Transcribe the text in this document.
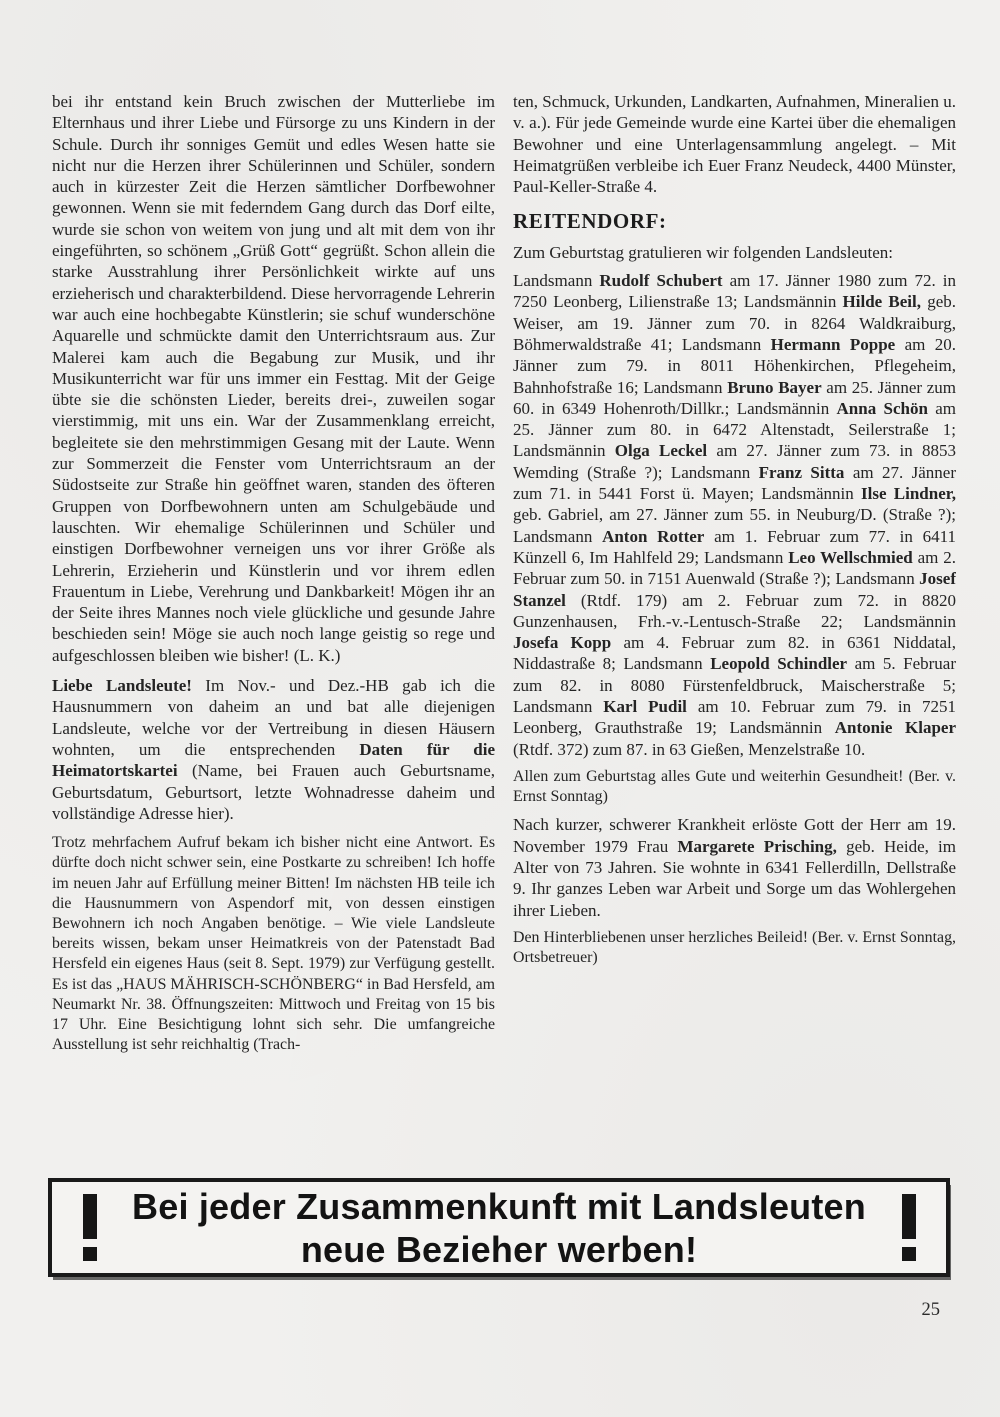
bei ihr entstand kein Bruch zwischen der Mutterliebe im Elternhaus und ihrer Liebe und Fürsorge zu uns Kindern in der Schule. Durch ihr sonniges Gemüt und edles Wesen hatte sie nicht nur die Herzen ihrer Schülerinnen und Schüler, sondern auch in kürzester Zeit die Herzen sämtlicher Dorfbewohner gewonnen. Wenn sie mit federndem Gang durch das Dorf eilte, wurde sie schon von weitem von jung und alt mit dem von ihr eingeführten, so schönem „Grüß Gott“ gegrüßt. Schon allein die starke Ausstrahlung ihrer Persönlichkeit wirkte auf uns erzieherisch und charakterbildend. Diese hervorragende Lehrerin war auch eine hochbegabte Künstlerin; sie schuf wunderschöne Aquarelle und schmückte damit den Unterrichtsraum aus. Zur Malerei kam auch die Begabung zur Musik, und ihr Musikunterricht war für uns immer ein Festtag. Mit der Geige übte sie die schönsten Lieder, bereits drei-, zuweilen sogar vierstimmig, mit uns ein. War der Zusammenklang erreicht, begleitete sie den mehrstimmigen Gesang mit der Laute. Wenn zur Sommerzeit die Fenster vom Unterrichtsraum an der Südostseite zur Straße hin geöffnet waren, standen des öfteren Gruppen von Dorfbewohnern unten am Schulgebäude und lauschten. Wir ehemalige Schülerinnen und Schüler und einstigen Dorfbewohner verneigen uns vor ihrer Größe als Lehrerin, Erzieherin und Künstlerin und vor ihrem edlen Frauentum in Liebe, Verehrung und Dankbarkeit! Mögen ihr an der Seite ihres Mannes noch viele glückliche und gesunde Jahre beschieden sein! Möge sie auch noch lange geistig so rege und aufgeschlossen bleiben wie bisher! (L. K.)

Liebe Landsleute! Im Nov.- und Dez.-HB gab ich die Hausnummern von daheim an und bat alle diejenigen Landsleute, welche vor der Vertreibung in diesen Häusern wohnten, um die entsprechenden Daten für die Heimatortskartei (Name, bei Frauen auch Geburtsname, Geburtsdatum, Geburtsort, letzte Wohnadresse daheim und vollständige Adresse hier).

Trotz mehrfachem Aufruf bekam ich bisher nicht eine Antwort. Es dürfte doch nicht schwer sein, eine Postkarte zu schreiben! Ich hoffe im neuen Jahr auf Erfüllung meiner Bitten! Im nächsten HB teile ich die Hausnummern von Aspendorf mit, von dessen einstigen Bewohnern ich noch Angaben benötige. – Wie viele Landsleute bereits wissen, bekam unser Heimatkreis von der Patenstadt Bad Hersfeld ein eigenes Haus (seit 8. Sept. 1979) zur Verfügung gestellt. Es ist das „HAUS MÄHRISCH-SCHÖNBERG“ in Bad Hersfeld, am Neumarkt Nr. 38. Öffnungszeiten: Mittwoch und Freitag von 15 bis 17 Uhr. Eine Besichtigung lohnt sich sehr. Die umfangreiche Ausstellung ist sehr reichhaltig (Trach-

ten, Schmuck, Urkunden, Landkarten, Aufnahmen, Mineralien u. v. a.). Für jede Gemeinde wurde eine Kartei über die ehemaligen Bewohner und eine Unterlagensammlung angelegt. – Mit Heimatgrüßen verbleibe ich Euer Franz Neudeck, 4400 Münster, Paul-Keller-Straße 4.

REITENDORF:

Zum Geburtstag gratulieren wir folgenden Landsleuten:

Landsmann Rudolf Schubert am 17. Jänner 1980 zum 72. in 7250 Leonberg, Lilienstraße 13; Landsmännin Hilde Beil, geb. Weiser, am 19. Jänner zum 70. in 8264 Waldkraiburg, Böhmerwaldstraße 41; Landsmann Hermann Poppe am 20. Jänner zum 79. in 8011 Höhenkirchen, Pflegeheim, Bahnhofstraße 16; Landsmann Bruno Bayer am 25. Jänner zum 60. in 6349 Hohenroth/Dillkr.; Landsmännin Anna Schön am 25. Jänner zum 80. in 6472 Altenstadt, Seilerstraße 1; Landsmännin Olga Leckel am 27. Jänner zum 73. in 8853 Wemding (Straße ?); Landsmann Franz Sitta am 27. Jänner zum 71. in 5441 Forst ü. Mayen; Landsmännin Ilse Lindner, geb. Gabriel, am 27. Jänner zum 55. in Neuburg/D. (Straße ?); Landsmann Anton Rotter am 1. Februar zum 77. in 6411 Künzell 6, Im Hahlfeld 29; Landsmann Leo Wellschmied am 2. Februar zum 50. in 7151 Auenwald (Straße ?); Landsmann Josef Stanzel (Rtdf. 179) am 2. Februar zum 72. in 8820 Gunzenhausen, Frh.-v.-Lentusch-Straße 22; Landsmännin Josefa Kopp am 4. Februar zum 82. in 6361 Niddatal, Niddastraße 8; Landsmann Leopold Schindler am 5. Februar zum 82. in 8080 Fürstenfeldbruck, Maischerstraße 5; Landsmann Karl Pudil am 10. Februar zum 79. in 7251 Leonberg, Grauthstraße 19; Landsmännin Antonie Klaper (Rtdf. 372) zum 87. in 63 Gießen, Menzelstraße 10.

Allen zum Geburtstag alles Gute und weiterhin Gesundheit! (Ber. v. Ernst Sonntag)

Nach kurzer, schwerer Krankheit erlöste Gott der Herr am 19. November 1979 Frau Margarete Prisching, geb. Heide, im Alter von 73 Jahren. Sie wohnte in 6341 Fellerdilln, Dellstraße 9. Ihr ganzes Leben war Arbeit und Sorge um das Wohlergehen ihrer Lieben.

Den Hinterbliebenen unser herzliches Beileid! (Ber. v. Ernst Sonntag, Ortsbetreuer)

Bei jeder Zusammenkunft mit Landsleuten
neue Bezieher werben!
25
